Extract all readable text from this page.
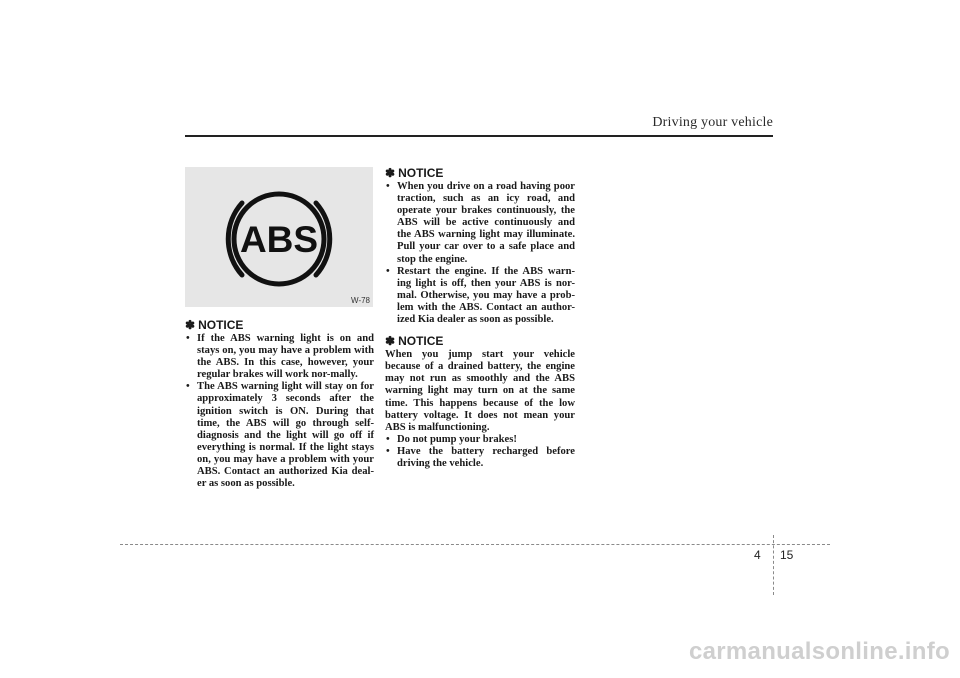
Driving your vehicle
ABS
W-78
✽ NOTICE
• If the ABS warning light is on and stays on, you may have a problem with the ABS. In this case, however, your regular brakes will work nor-mally.
• The ABS warning light will stay on for approximately 3 seconds after the ignition switch is ON. During that time, the ABS will go through self-diagnosis and the light will go off if everything is normal. If the light stays on, you may have a problem with your ABS. Contact an authorized Kia deal-er as soon as possible.
✽ NOTICE
• When you drive on a road having poor traction, such as an icy road, and operate your brakes continuously, the ABS will be active continuously and the ABS warning light may illuminate. Pull your car over to a safe place and stop the engine.
• Restart the engine. If the ABS warn-ing light is off, then your ABS is nor-mal. Otherwise, you may have a prob-lem with the ABS. Contact an author-ized Kia dealer as soon as possible.
✽ NOTICE

When you jump start your vehicle because of a drained battery, the engine may not run as smoothly and the ABS warning light may turn on at the same time. This happens because of the low battery voltage. It does not mean your ABS is malfunctioning.

• Do not pump your brakes!
• Have the battery recharged before driving the vehicle.
4 15
carmanualsonline.info
